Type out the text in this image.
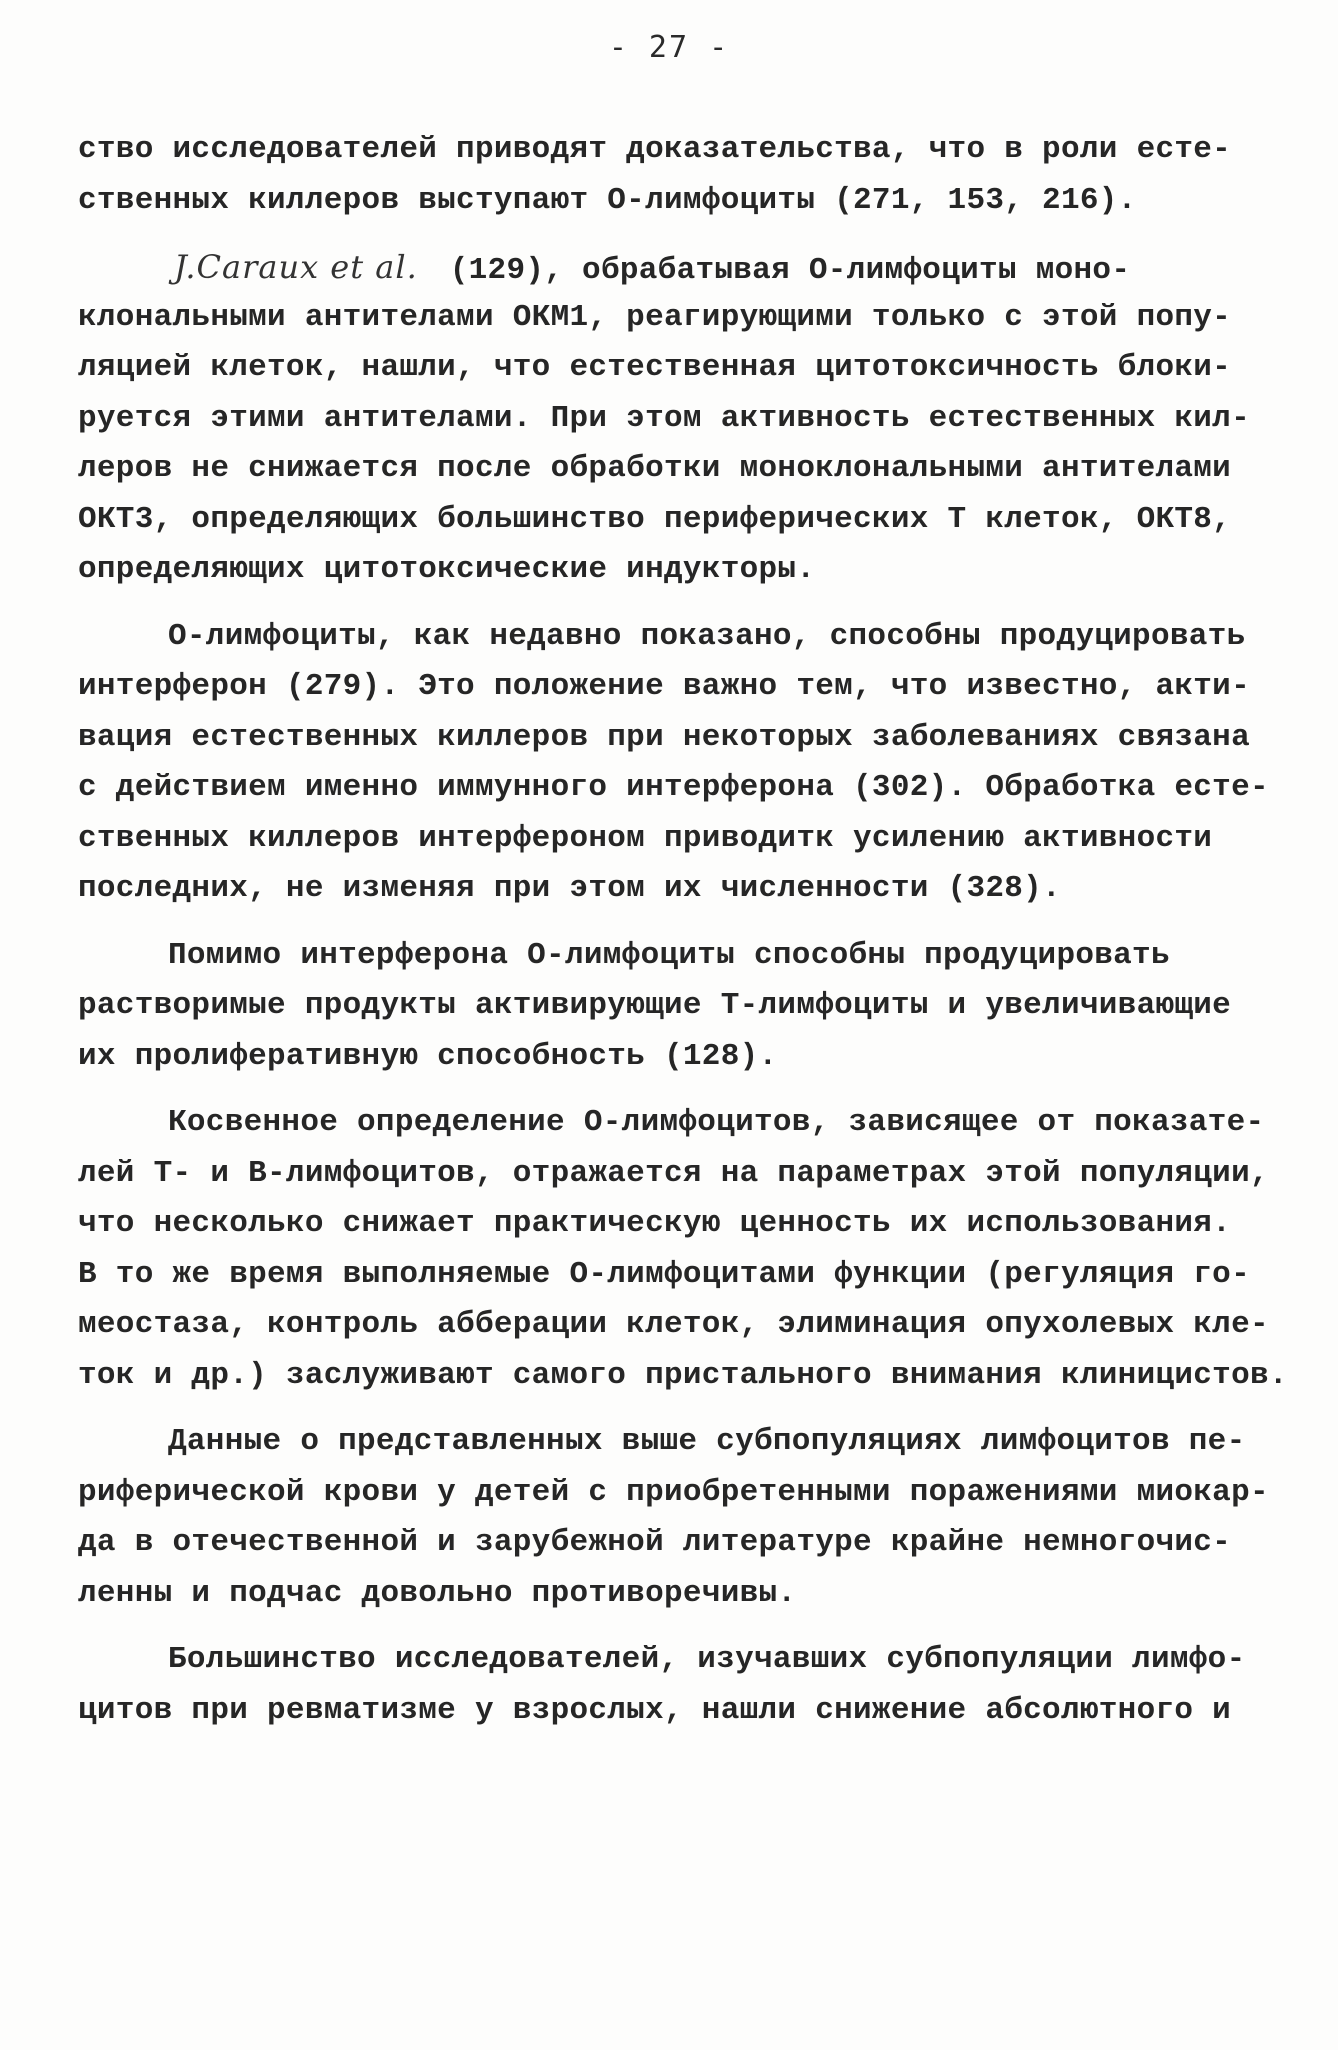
- 27 -
ство исследователей приводят доказательства, что в роли есте-
ственных киллеров выступают О-лимфоциты (271, 153, 216).
J.Caraux et al. (129), обрабатывая О-лимфоциты моно-
клональными антителами ОКМ1, реагирующими только с этой попу-
ляцией клеток, нашли, что естественная цитотоксичность блоки-
руется этими антителами. При этом активность естественных кил-
леров не снижается после обработки моноклональными антителами
ОКТ3, определяющих большинство периферических Т клеток, ОКТ8,
определяющих цитотоксические индукторы.
О-лимфоциты, как недавно показано, способны продуцировать
интерферон (279). Это положение важно тем, что известно, акти-
вация естественных киллеров при некоторых заболеваниях связана
с действием именно иммунного интерферона (302). Обработка есте-
ственных киллеров интерфероном приводитк усилению активности
последних, не изменяя при этом их численности (328).
Помимо интерферона О-лимфоциты способны продуцировать
растворимые продукты активирующие Т-лимфоциты и увеличивающие
их пролиферативную способность (128).
Косвенное определение О-лимфоцитов, зависящее от показате-
лей Т- и В-лимфоцитов, отражается на параметрах этой популяции,
что несколько снижает практическую ценность их использования.
В то же время выполняемые О-лимфоцитами функции (регуляция го-
меостаза, контроль абберации клеток, элиминация опухолевых кле-
ток и др.) заслуживают самого пристального внимания клиницистов.
Данные о представленных выше субпопуляциях лимфоцитов пе-
риферической крови у детей с приобретенными поражениями миокар-
да в отечественной и зарубежной литературе крайне немногочис-
ленны и подчас довольно противоречивы.
Большинство исследователей, изучавших субпопуляции лимфо-
цитов при ревматизме у взрослых, нашли снижение абсолютного и
